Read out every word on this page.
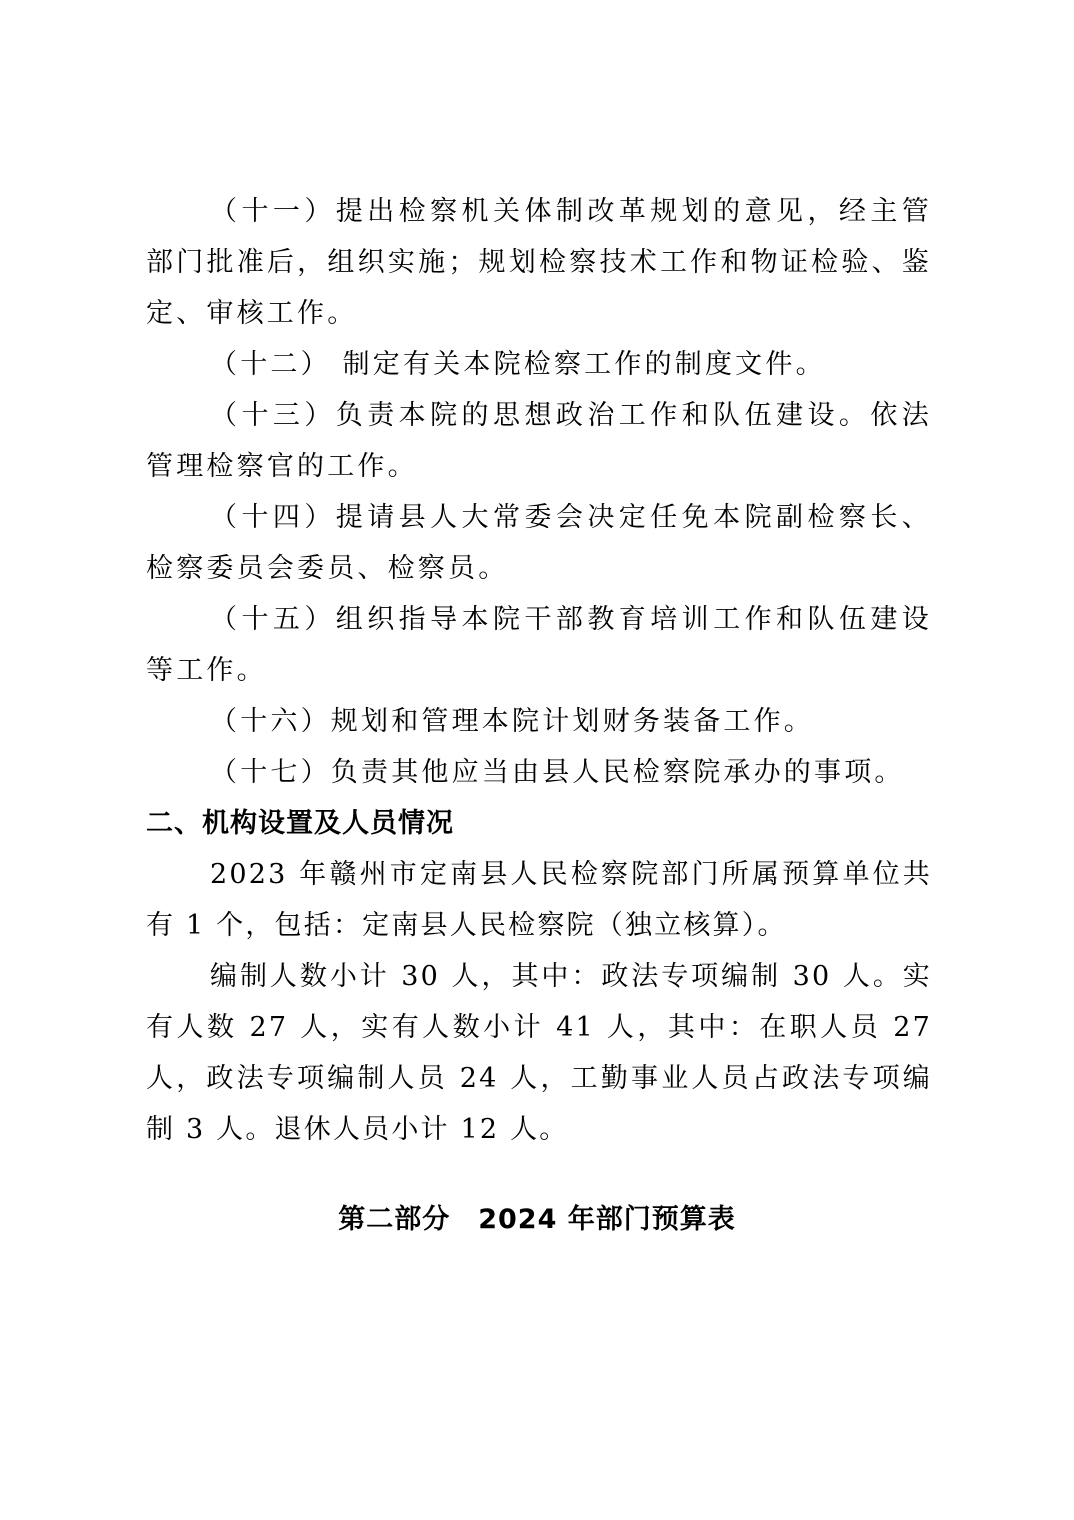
（十一）提出检察机关体制改革规划的意见，经主管部门批准后，组织实施；规划检察技术工作和物证检验、鉴定、审核工作。

（十二） 制定有关本院检察工作的制度文件。

（十三）负责本院的思想政治工作和队伍建设。依法管理检察官的工作。

（十四）提请县人大常委会决定任免本院副检察长、检察委员会委员、检察员。

（十五）组织指导本院干部教育培训工作和队伍建设等工作。

（十六）规划和管理本院计划财务装备工作。

（十七）负责其他应当由县人民检察院承办的事项。

二、机构设置及人员情况

2023 年赣州市定南县人民检察院部门所属预算单位共有 1 个，包括：定南县人民检察院（独立核算）。

编制人数小计 30 人，其中：政法专项编制 30 人。实有人数 27 人，实有人数小计 41 人，其中：在职人员 27 人，政法专项编制人员 24 人，工勤事业人员占政法专项编制 3 人。退休人员小计 12 人。

第二部分　2024 年部门预算表
